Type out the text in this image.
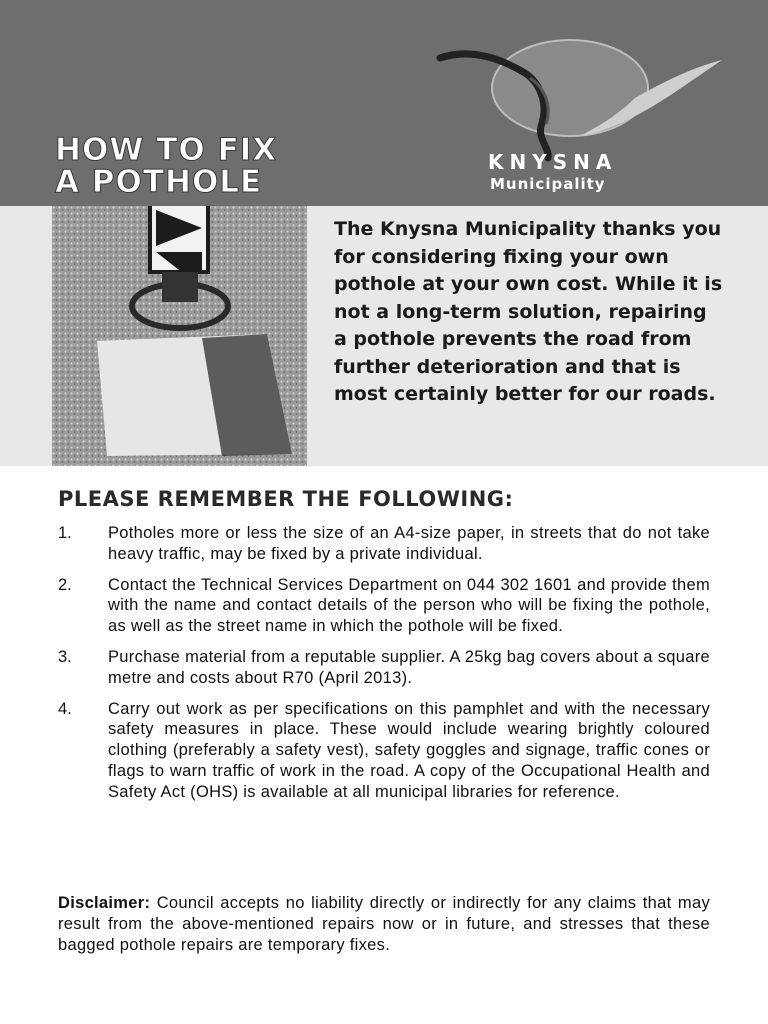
HOW TO FIX
A POTHOLE
KNYSNA
Municipality
The Knysna Municipality thanks you for considering fixing your own pothole at your own cost. While it is not a long-term solution, repairing a pothole prevents the road from further deterioration and that is most certainly better for our roads.
PLEASE REMEMBER THE FOLLOWING:
1.	Potholes more or less the size of an A4-size paper, in streets that do not take heavy traffic, may be fixed by a private individual.
2.	Contact the Technical Services Department on 044 302 1601 and provide them with the name and contact details of the person who will be fixing the pothole, as well as the street name in which the pothole will be fixed.
3.	Purchase material from a reputable supplier. A 25kg bag covers about a square metre and costs about R70 (April 2013).
4.	Carry out work as per specifications on this pamphlet and with the necessary safety measures in place. These would include wearing brightly coloured clothing (preferably a safety vest), safety goggles and signage, traffic cones or flags to warn traffic of work in the road. A copy of the Occupational Health and Safety Act (OHS) is available at all municipal libraries for reference.
Disclaimer: Council accepts no liability directly or indirectly for any claims that may result from the above-mentioned repairs now or in future, and stresses that these bagged pothole repairs are temporary fixes.
